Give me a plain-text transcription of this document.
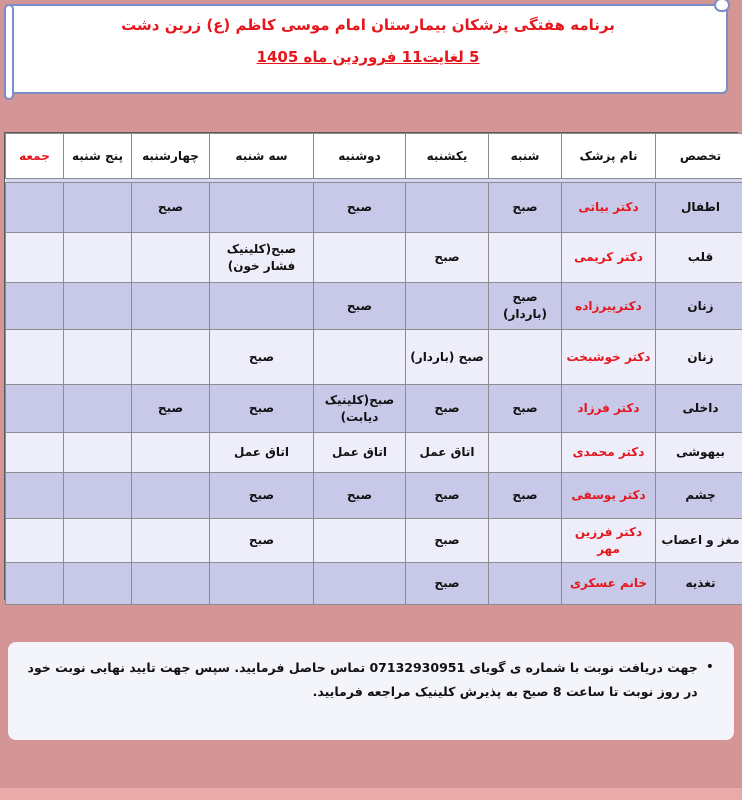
برنامه هفتگی پزشکان بیمارستان امام موسی کاظم (ع) زرین دشت
5 لغایت11 فروردین ماه 1405
تخصص	نام پزشک	شنبه	یکشنبه	دوشنبه	سه شنبه	چهارشنبه	پنج شنبه	جمعه

اطفال	دکتر بیاتی	صبح		صبح		صبح		
قلب	دکتر کریمی		صبح		صبح(کلینیک فشار خون)			
زنان	دکترپیرزاده	صبح (باردار)		صبح				
زنان	دکتر خوشبخت		صبح (باردار)		صبح			
داخلی	دکتر فرزاد	صبح	صبح	صبح(کلینیک دیابت)	صبح	صبح		
بیهوشی	دکتر محمدی		اتاق عمل	اتاق عمل	اتاق عمل			
چشم	دکتر یوسفی	صبح	صبح	صبح	صبح			
مغز و اعصاب	دکتر فرزین مهر		صبح		صبح			
تغذیه	خانم عسکری		صبح					
•
جهت دریافت نوبت با شماره ی گویای 07132930951 تماس حاصل فرمایید. سپس جهت تایید نهایی نوبت خود در روز نوبت تا ساعت 8 صبح به پذیرش کلینیک مراجعه فرمایید.
